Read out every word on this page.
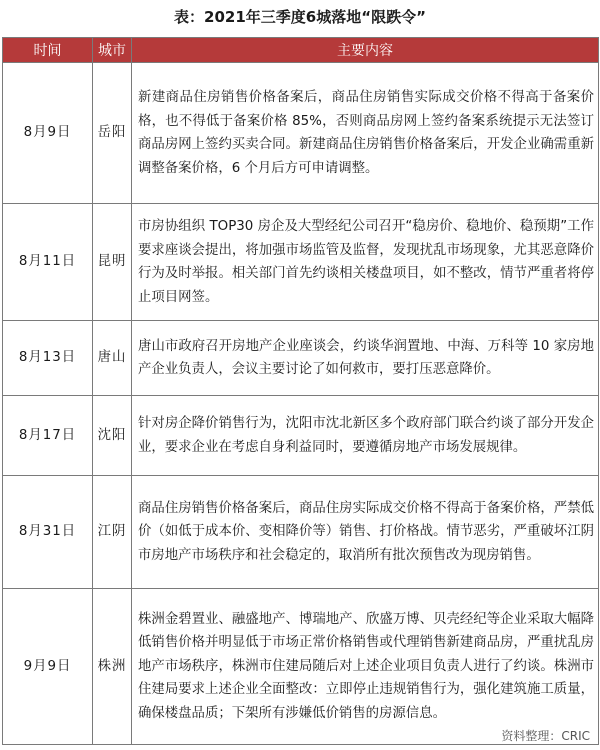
表：2021年三季度6城落地“限跌令”
时间	城市	主要内容
8月9日	岳阳	新建商品住房销售价格备案后，商品住房销售实际成交价格不得高于备案价格，也不得低于备案价格 85%，否则商品房网上签约备案系统提示无法签订商品房网上签约买卖合同。新建商品住房销售价格备案后，开发企业确需重新调整备案价格，6 个月后方可申请调整。
8月11日	昆明	市房协组织 TOP30 房企及大型经纪公司召开“稳房价、稳地价、稳预期”工作要求座谈会提出，将加强市场监管及监督，发现扰乱市场现象，尤其恶意降价行为及时举报。相关部门首先约谈相关楼盘项目，如不整改，情节严重者将停止项目网签。
8月13日	唐山	唐山市政府召开房地产企业座谈会，约谈华润置地、中海、万科等 10 家房地产企业负责人，会议主要讨论了如何救市，要打压恶意降价。
8月17日	沈阳	针对房企降价销售行为，沈阳市沈北新区多个政府部门联合约谈了部分开发企业，要求企业在考虑自身利益同时，要遵循房地产市场发展规律。
8月31日	江阴	商品住房销售价格备案后，商品住房实际成交价格不得高于备案价格，严禁低价（如低于成本价、变相降价等）销售、打价格战。情节恶劣，严重破坏江阴市房地产市场秩序和社会稳定的，取消所有批次预售改为现房销售。
9月9日	株洲	株洲金碧置业、融盛地产、博瑞地产、欣盛万博、贝壳经纪等企业采取大幅降低销售价格并明显低于市场正常价格销售或代理销售新建商品房，严重扰乱房地产市场秩序，株洲市住建局随后对上述企业项目负责人进行了约谈。株洲市住建局要求上述企业全面整改：立即停止违规销售行为，强化建筑施工质量，确保楼盘品质；下架所有涉嫌低价销售的房源信息。
资料整理：CRIC
